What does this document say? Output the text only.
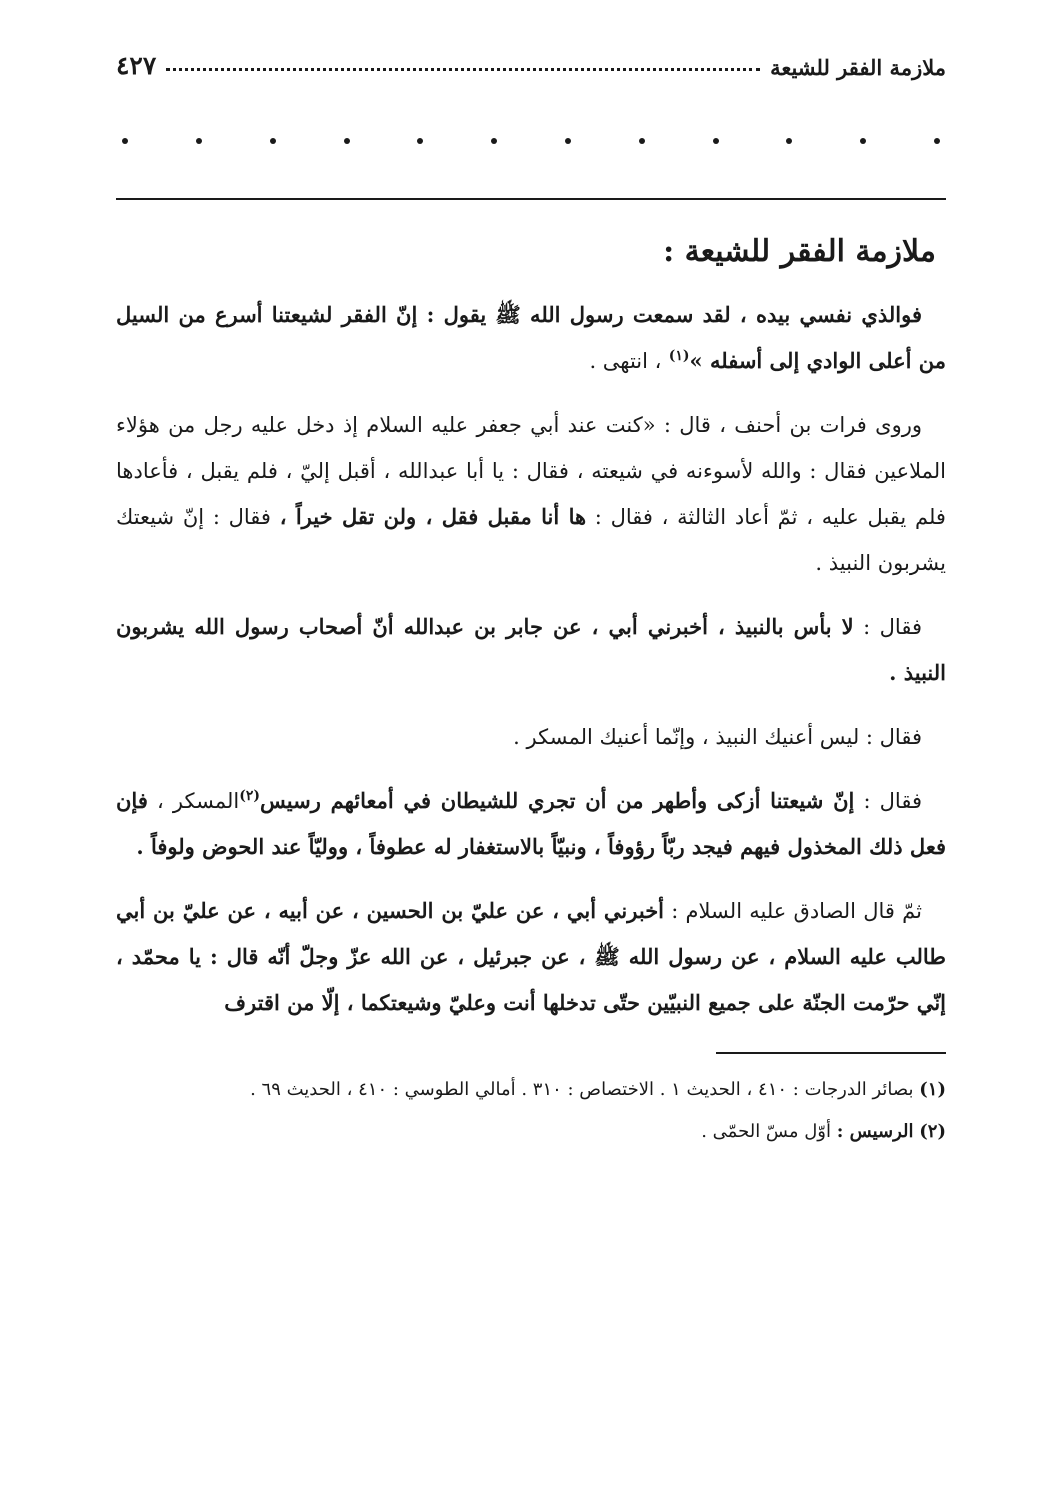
ملازمة الفقر للشيعة
٤٢٧
ملازمة الفقر للشيعة :

فوالذي نفسي بيده ، لقد سمعت رسول الله ﷺ يقول : إنّ الفقر لشيعتنا أسرع من السيل من أعلى الوادي إلى أسفله »$^{(١)}$ ، انتهى .

وروى فرات بن أحنف ، قال : «كنت عند أبي جعفر عليه السلام إذ دخل عليه رجل من هؤلاء الملاعين فقال : والله لأسوءنه في شيعته ، فقال : يا أبا عبدالله ، أقبل إليّ ، فلم يقبل ، فأعادها فلم يقبل عليه ، ثمّ أعاد الثالثة ، فقال : ها أنا مقبل فقل ، ولن تقل خيراً ، فقال : إنّ شيعتك يشربون النبيذ .

فقال : لا بأس بالنبيذ ، أخبرني أبي ، عن جابر بن عبدالله أنّ أصحاب رسول الله يشربون النبيذ .

فقال : ليس أعنيك النبيذ ، وإنّما أعنيك المسكر .

فقال : إنّ شيعتنا أزكى وأطهر من أن تجري للشيطان في أمعائهم رسيس$^{(٢)}$المسكر ، فإن فعل ذلك المخذول فيهم فيجد ربّاً رؤوفاً ، ونبيّاً بالاستغفار له عطوفاً ، ووليّاً عند الحوض ولوفاً .

ثمّ قال الصادق عليه السلام : أخبرني أبي ، عن عليّ بن الحسين ، عن أبيه ، عن عليّ بن أبي طالب عليه السلام ، عن رسول الله ﷺ ، عن جبرئيل ، عن الله عزّ وجلّ أنّه قال : يا محمّد ، إنّي حرّمت الجنّة على جميع النبيّين حتّى تدخلها أنت وعليّ وشيعتكما ، إلّا من اقترف

(١) بصائر الدرجات : ٤١٠ ، الحديث ١ . الاختصاص : ٣١٠ . أمالي الطوسي : ٤١٠ ، الحديث ٦٩ .

(٢) الرسيس : أوّل مسّ الحمّى .
